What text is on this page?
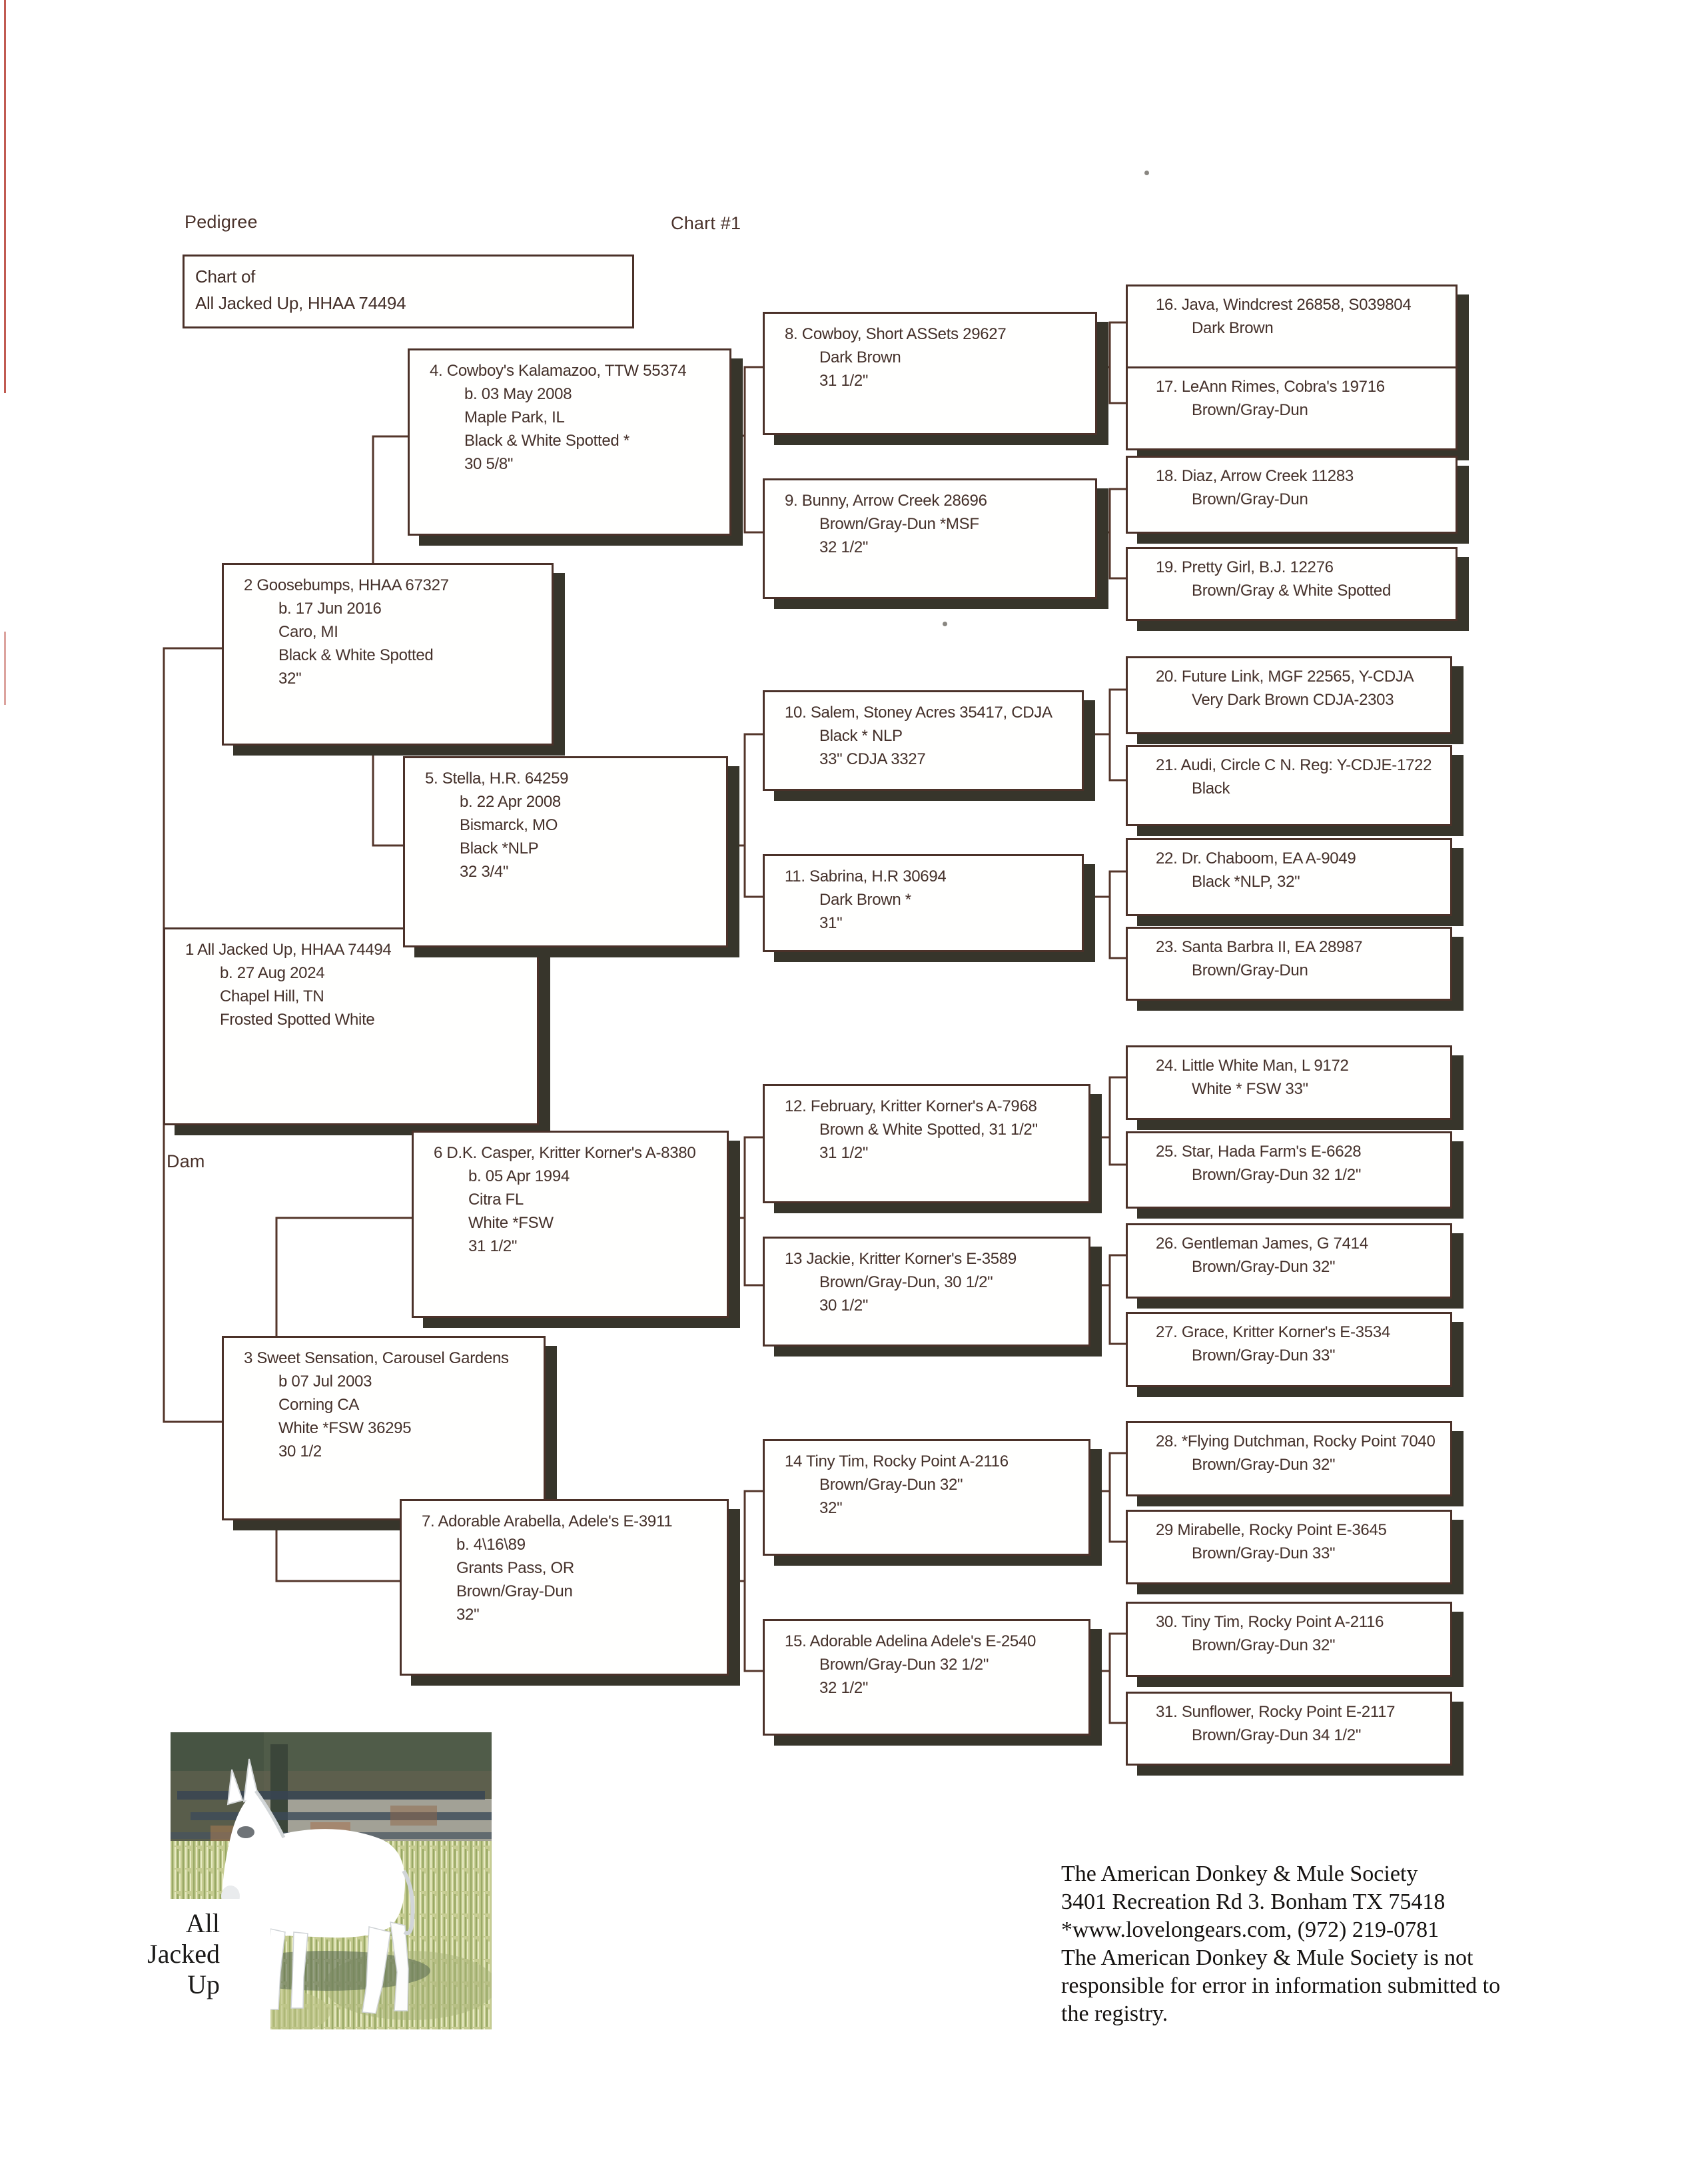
Pedigree	Chart #1
Dam
Chart of
All Jacked Up, HHAA 74494
1 All Jacked Up, HHAA 74494
b. 27 Aug 2024
Chapel Hill, TN
Frosted Spotted White
2 Goosebumps, HHAA 67327
b. 17 Jun 2016
Caro, MI
Black & White Spotted
32"
3 Sweet Sensation, Carousel Gardens
b 07 Jul 2003
Corning CA
White *FSW 36295
30 1/2
4. Cowboy's Kalamazoo, TTW 55374
b. 03 May 2008
Maple Park, IL
Black & White Spotted *
30 5/8"
5. Stella, H.R. 64259
b. 22 Apr 2008
Bismarck, MO
Black *NLP
32 3/4"
6 D.K. Casper, Kritter Korner's A-8380
b. 05 Apr 1994
Citra FL
White *FSW
31 1/2"
7. Adorable Arabella, Adele's E-3911
b. 4\16\89
Grants Pass, OR
Brown/Gray-Dun
32"
8. Cowboy, Short ASSets 29627
Dark Brown
31 1/2"
9. Bunny, Arrow Creek 28696
Brown/Gray-Dun *MSF
32 1/2"
10. Salem, Stoney Acres 35417, CDJA
Black * NLP
33" CDJA 3327
11. Sabrina, H.R 30694
Dark Brown *
31"
12. February, Kritter Korner's A-7968
Brown & White Spotted, 31 1/2"
31 1/2"
13 Jackie, Kritter Korner's E-3589
Brown/Gray-Dun, 30 1/2"
30 1/2"
14 Tiny Tim, Rocky Point A-2116
Brown/Gray-Dun 32"
32"
15. Adorable Adelina Adele's E-2540
Brown/Gray-Dun 32 1/2"
32 1/2"
16. Java, Windcrest 26858, S039804
Dark Brown
17. LeAnn Rimes, Cobra's 19716
Brown/Gray-Dun
18. Diaz, Arrow Creek 11283
Brown/Gray-Dun
19. Pretty Girl, B.J. 12276
Brown/Gray & White Spotted
20. Future Link, MGF 22565, Y-CDJA
Very Dark Brown CDJA-2303
21. Audi, Circle C N. Reg: Y-CDJE-1722
Black
22. Dr. Chaboom, EA A-9049
Black *NLP, 32"
23. Santa Barbra II, EA 28987
Brown/Gray-Dun
24. Little White Man, L 9172
White * FSW 33"
25. Star, Hada Farm's E-6628
Brown/Gray-Dun 32 1/2"
26. Gentleman James, G 7414
Brown/Gray-Dun 32"
27. Grace, Kritter Korner's E-3534
Brown/Gray-Dun 33"
28. *Flying Dutchman, Rocky Point 7040
Brown/Gray-Dun 32"
29 Mirabelle, Rocky Point E-3645
Brown/Gray-Dun 33"
30. Tiny Tim, Rocky Point A-2116
Brown/Gray-Dun 32"
31. Sunflower, Rocky Point E-2117
Brown/Gray-Dun 34 1/2"
All
Jacked
Up
The American Donkey & Mule Society
3401 Recreation Rd 3. Bonham TX 75418
*www.lovelongears.com, (972) 219-0781
The American Donkey & Mule Society is not
responsible for error in information submitted to
the registry.
